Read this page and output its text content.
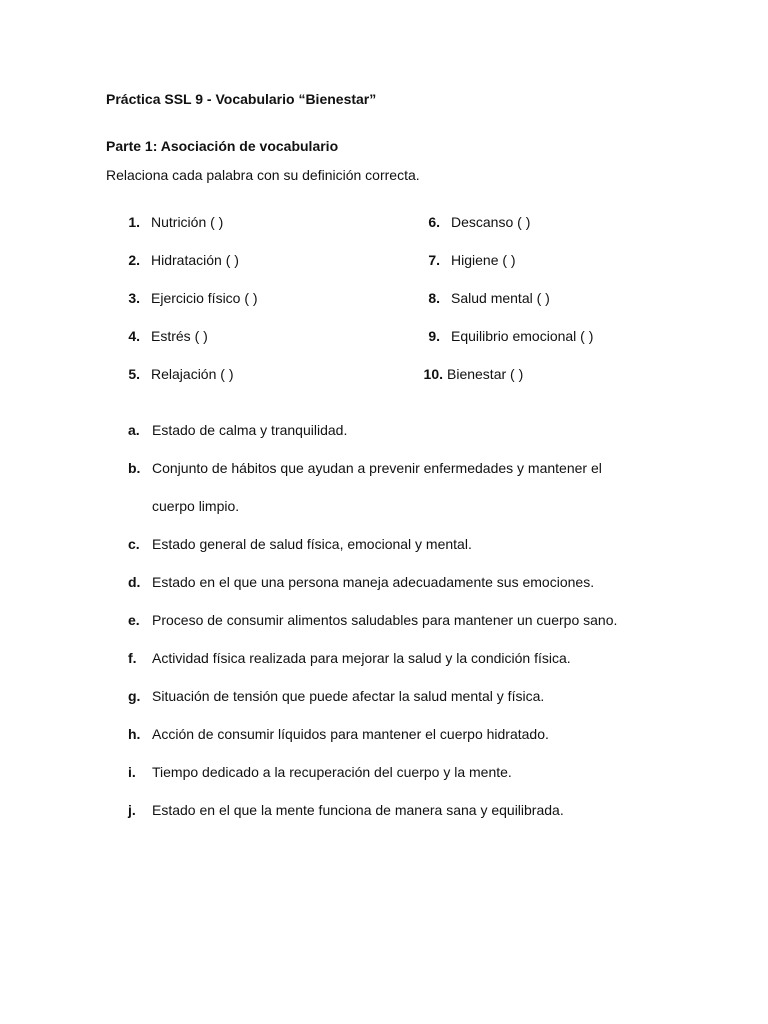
Práctica SSL 9 - Vocabulario “Bienestar”
Parte 1: Asociación de vocabulario
Relaciona cada palabra con su definición correcta.
1. Nutrición ( )
2. Hidratación ( )
3. Ejercicio físico ( )
4. Estrés ( )
5. Relajación ( )
6. Descanso ( )
7. Higiene ( )
8. Salud mental ( )
9. Equilibrio emocional ( )
10. Bienestar ( )
a. Estado de calma y tranquilidad.
b. Conjunto de hábitos que ayudan a prevenir enfermedades y mantener el
cuerpo limpio.
c. Estado general de salud física, emocional y mental.
d. Estado en el que una persona maneja adecuadamente sus emociones.
e. Proceso de consumir alimentos saludables para mantener un cuerpo sano.
f. Actividad física realizada para mejorar la salud y la condición física.
g. Situación de tensión que puede afectar la salud mental y física.
h. Acción de consumir líquidos para mantener el cuerpo hidratado.
i. Tiempo dedicado a la recuperación del cuerpo y la mente.
j. Estado en el que la mente funciona de manera sana y equilibrada.
